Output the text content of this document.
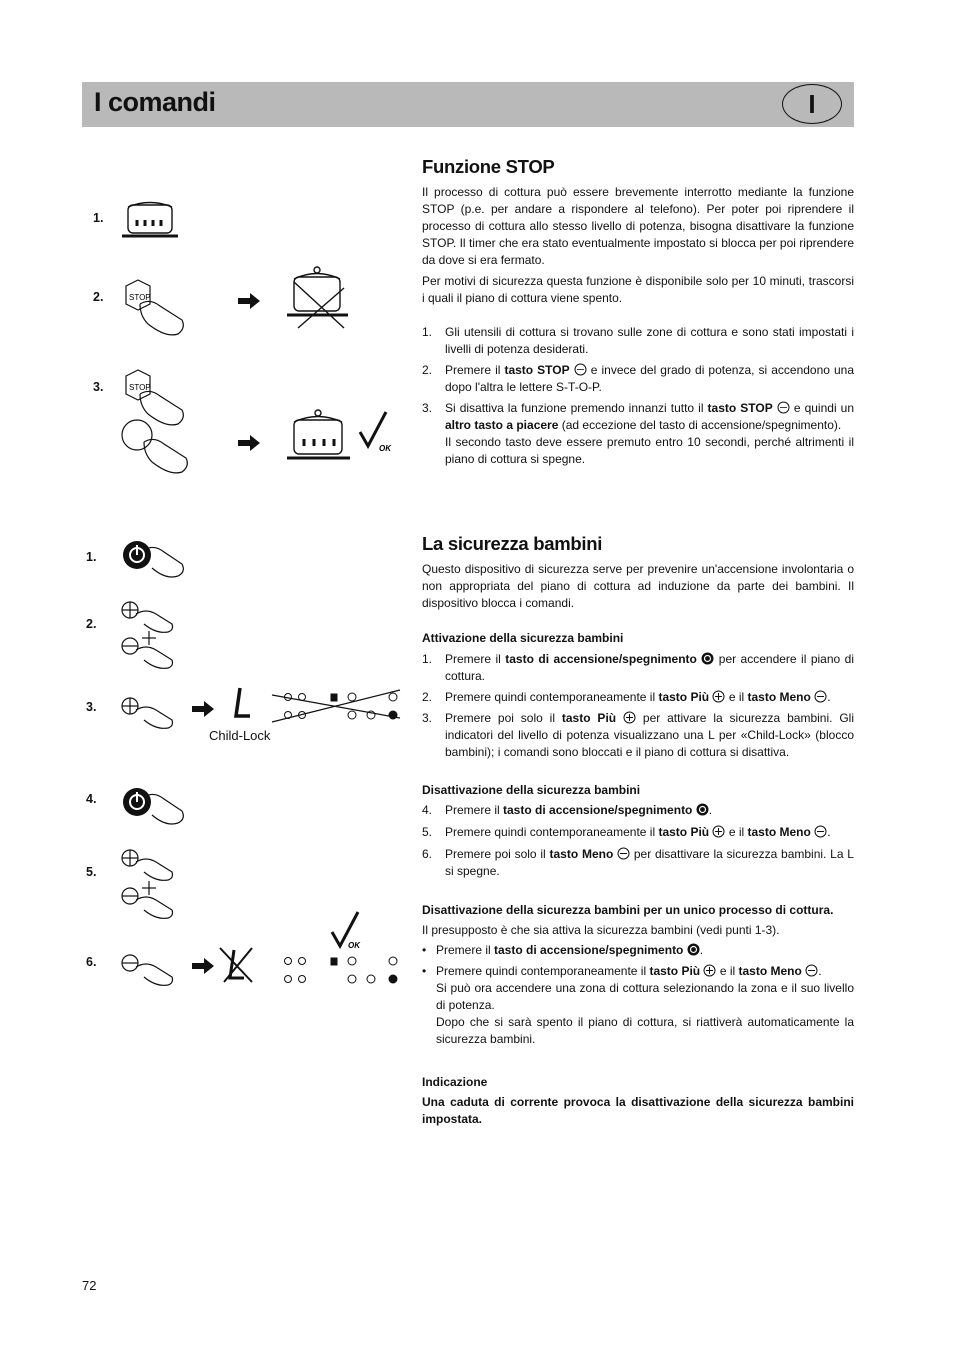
I comandi	I
1.
2.
3.
STOP
STOP
OK
1.
2.
3.
4.
5.
6.
Child-Lock
OK
Funzione STOP

Il processo di cottura può essere brevemente interrotto mediante la funzione STOP (p.e. per andare a rispondere al telefono). Per poter poi riprendere il processo di cottura allo stesso livello di potenza, bisogna disattivare la funzione STOP. Il timer che era stato eventualmente impostato si blocca per poi riprendere da dove si era fermato.

Per motivi di sicurezza questa funzione è disponibile solo per 10 minuti, trascorsi i quali il piano di cottura viene spento.

1. Gli utensili di cottura si trovano sulle zone di cottura e sono stati impostati i livelli di potenza desiderati.
2. Premere il tasto STOP  e invece del grado di potenza, si accendono una dopo l'altra le lettere S-T-O-P.
3. Si disattiva la funzione premendo innanzi tutto il tasto STOP  e quindi un altro tasto a piacere (ad eccezione del tasto di accensione/spegnimento).
Il secondo tasto deve essere premuto entro 10 secondi, perché altrimenti il piano di cottura si spegne.
La sicurezza bambini

Questo dispositivo di sicurezza serve per prevenire un'accensione involontaria o non appropriata del piano di cottura ad induzione da parte dei bambini. Il dispositivo blocca i comandi.

Attivazione della sicurezza bambini
1. Premere il tasto di accensione/spegnimento  per accendere il piano di cottura.
2. Premere quindi contemporaneamente il tasto Più  e il tasto Meno .
3. Premere poi solo il tasto Più  per attivare la sicurezza bambini. Gli indicatori del livello di potenza visualizzano una L per «Child-Lock» (blocco bambini); i comandi sono bloccati e il piano di cottura si disattiva.
Disattivazione della sicurezza bambini
4. Premere il tasto di accensione/spegnimento .
5. Premere quindi contemporaneamente il tasto Più  e il tasto Meno .
6. Premere poi solo il tasto Meno  per disattivare la sicurezza bambini. La L si spegne.
Disattivazione della sicurezza bambini per un unico processo di cottura.

Il presupposto è che sia attiva la sicurezza bambini (vedi punti 1-3).

• Premere il tasto di accensione/spegnimento .
• Premere quindi contemporaneamente il tasto Più  e il tasto Meno .
Si può ora accendere una zona di cottura selezionando la zona e il suo livello di potenza.
Dopo che si sarà spento il piano di cottura, si riattiverà automaticamente la sicurezza bambini.
Indicazione

Una caduta di corrente provoca la disattivazione della sicurezza bambini impostata.

72
